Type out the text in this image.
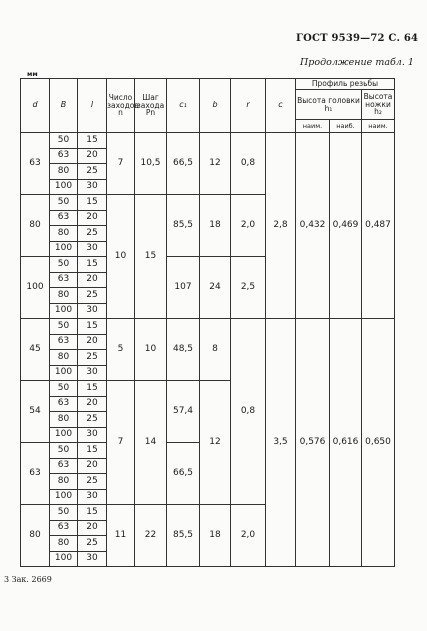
ГОСТ 9539—72 С. 64
Продолжение табл. 1
мм
d	B	l	Число заходов n	Шаг захода Pn	c₁	b	r	c	Профиль резьбы		
									Высота головки h₁		Высота ножки h₂
									наим.	наиб.	наим.
63	50	15	7	10,5	66,5	12	0,8	2,8	0,432	0,469	0,487
	63	20									
	80	25									
	100	30									
80	50	15	10	15	85,5	18	2,0				
	63	20									
	80	25									
	100	30									
100	50	15			107	24	2,5				
	63	20									
	80	25									
	100	30									
45	50	15	5	10	48,5	8	0,8	3,5	0,576	0,616	0,650
	63	20									
	80	25									
	100	30									
54	50	15	7	14	57,4	12					
	63	20									
	80	25									
	100	30									
63	50	15			66,5						
	63	20									
	80	25									
	100	30									
80	50	15	11	22	85,5	18	2,0				
	63	20									
	80	25									
	100	30									
3 Зак. 2669
